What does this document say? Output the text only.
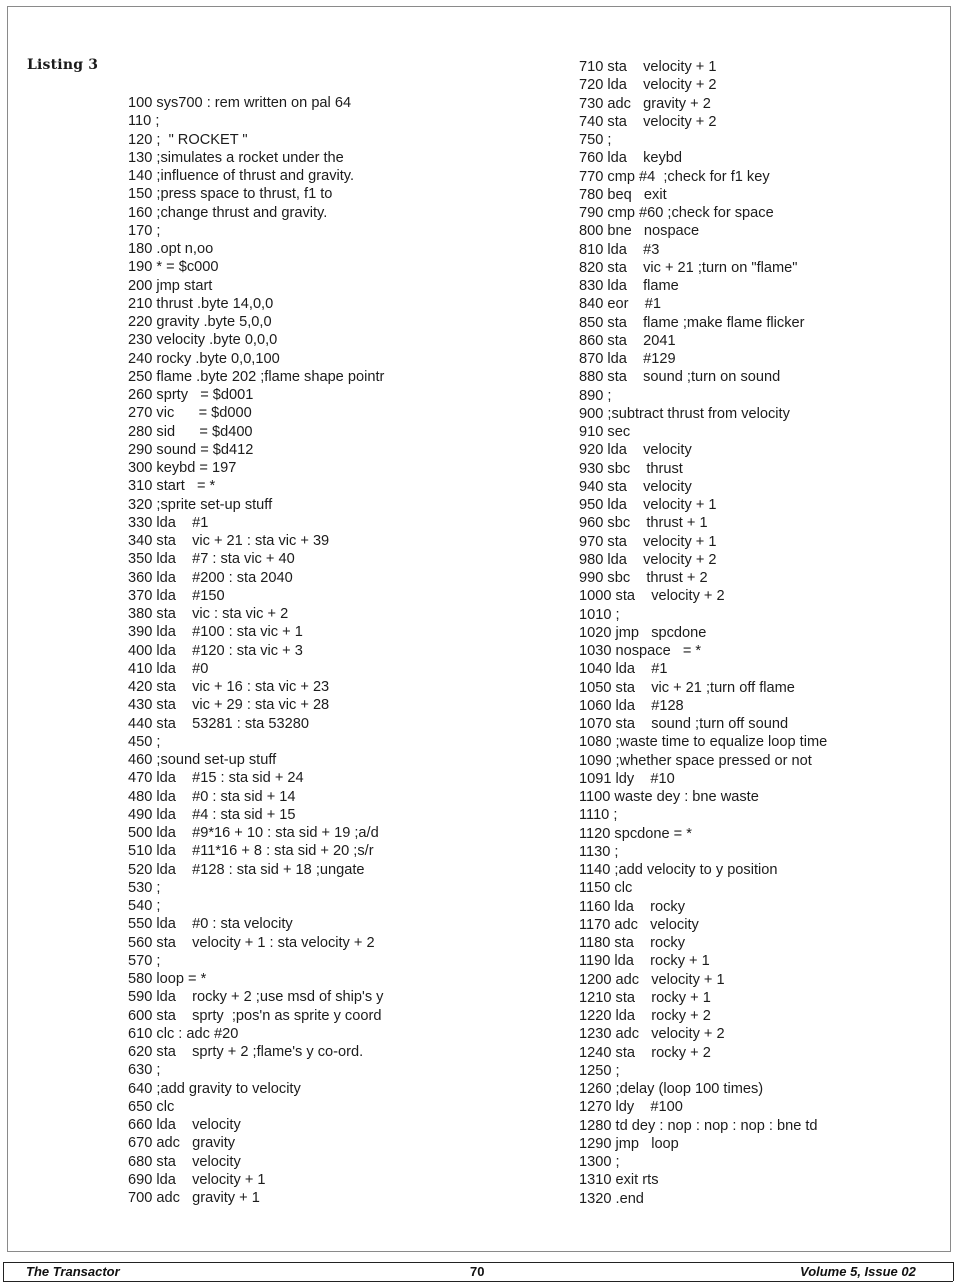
Listing 3
100 sys700 : rem written on pal 64
110 ;
120 ;  " ROCKET "
130 ;simulates a rocket under the
140 ;influence of thrust and gravity.
150 ;press space to thrust, f1 to
160 ;change thrust and gravity.
170 ;
180 .opt n,oo
190 * = $c000
200 jmp start
210 thrust .byte 14,0,0
220 gravity .byte 5,0,0
230 velocity .byte 0,0,0
240 rocky .byte 0,0,100
250 flame .byte 202 ;flame shape pointr
260 sprty   = $d001
270 vic      = $d000
280 sid      = $d400
290 sound = $d412
300 keybd = 197
310 start   = *
320 ;sprite set-up stuff
330 lda    #1
340 sta    vic + 21 : sta vic + 39
350 lda    #7 : sta vic + 40
360 lda    #200 : sta 2040
370 lda    #150
380 sta    vic : sta vic + 2
390 lda    #100 : sta vic + 1
400 lda    #120 : sta vic + 3
410 lda    #0
420 sta    vic + 16 : sta vic + 23
430 sta    vic + 29 : sta vic + 28
440 sta    53281 : sta 53280
450 ;
460 ;sound set-up stuff
470 lda    #15 : sta sid + 24
480 lda    #0 : sta sid + 14
490 lda    #4 : sta sid + 15
500 lda    #9*16 + 10 : sta sid + 19 ;a/d
510 lda    #11*16 + 8 : sta sid + 20 ;s/r
520 lda    #128 : sta sid + 18 ;ungate
530 ;
540 ;
550 lda    #0 : sta velocity
560 sta    velocity + 1 : sta velocity + 2
570 ;
580 loop = *
590 lda    rocky + 2 ;use msd of ship's y
600 sta    sprty  ;pos'n as sprite y coord
610 clc : adc #20
620 sta    sprty + 2 ;flame's y co-ord.
630 ;
640 ;add gravity to velocity
650 clc
660 lda    velocity
670 adc   gravity
680 sta    velocity
690 lda    velocity + 1
700 adc   gravity + 1
710 sta    velocity + 1
720 lda    velocity + 2
730 adc   gravity + 2
740 sta    velocity + 2
750 ;
760 lda    keybd
770 cmp #4  ;check for f1 key
780 beq   exit
790 cmp #60 ;check for space
800 bne   nospace
810 lda    #3
820 sta    vic + 21 ;turn on "flame"
830 lda    flame
840 eor    #1
850 sta    flame ;make flame flicker
860 sta    2041
870 lda    #129
880 sta    sound ;turn on sound
890 ;
900 ;subtract thrust from velocity
910 sec
920 lda    velocity
930 sbc    thrust
940 sta    velocity
950 lda    velocity + 1
960 sbc    thrust + 1
970 sta    velocity + 1
980 lda    velocity + 2
990 sbc    thrust + 2
1000 sta    velocity + 2
1010 ;
1020 jmp   spcdone
1030 nospace   = *
1040 lda    #1
1050 sta    vic + 21 ;turn off flame
1060 lda    #128
1070 sta    sound ;turn off sound
1080 ;waste time to equalize loop time
1090 ;whether space pressed or not
1091 ldy    #10
1100 waste dey : bne waste
1110 ;
1120 spcdone = *
1130 ;
1140 ;add velocity to y position
1150 clc
1160 lda    rocky
1170 adc   velocity
1180 sta    rocky
1190 lda    rocky + 1
1200 adc   velocity + 1
1210 sta    rocky + 1
1220 lda    rocky + 2
1230 adc   velocity + 2
1240 sta    rocky + 2
1250 ;
1260 ;delay (loop 100 times)
1270 ldy    #100
1280 td dey : nop : nop : nop : bne td
1290 jmp   loop
1300 ;
1310 exit rts
1320 .end
The Transactor	70	Volume 5, Issue 02
